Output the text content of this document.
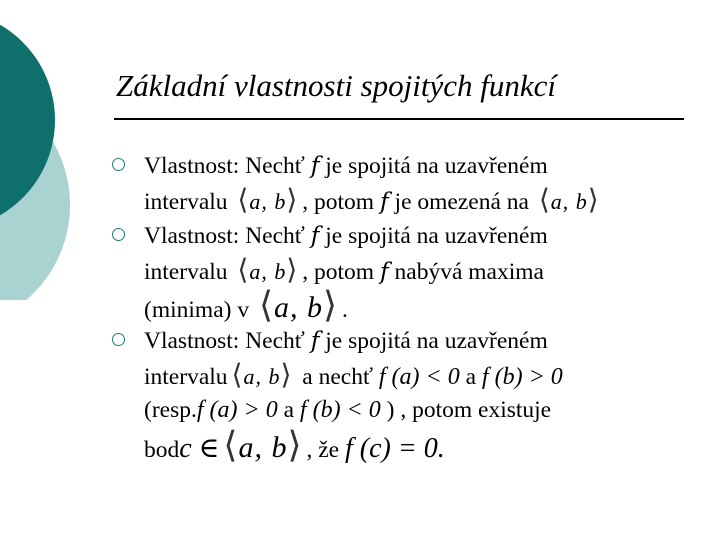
Základní vlastnosti spojitých funkcí
Vlastnost: Nechť f je spojitá na uzavřeném
intervalu ⟨a, b⟩ , potom f je omezená na ⟨a, b⟩
Vlastnost: Nechť f je spojitá na uzavřeném
intervalu ⟨a, b⟩ , potom f nabývá maxima
(minima) v ⟨a, b⟩ .
Vlastnost: Nechť f je spojitá na uzavřeném
intervalu ⟨a, b⟩ a nechť f (a) < 0 a f (b) > 0
(resp.f (a) > 0 a f (b) < 0 ) , potom existuje
bodc ∈ ⟨a, b⟩ , že f (c) = 0.
